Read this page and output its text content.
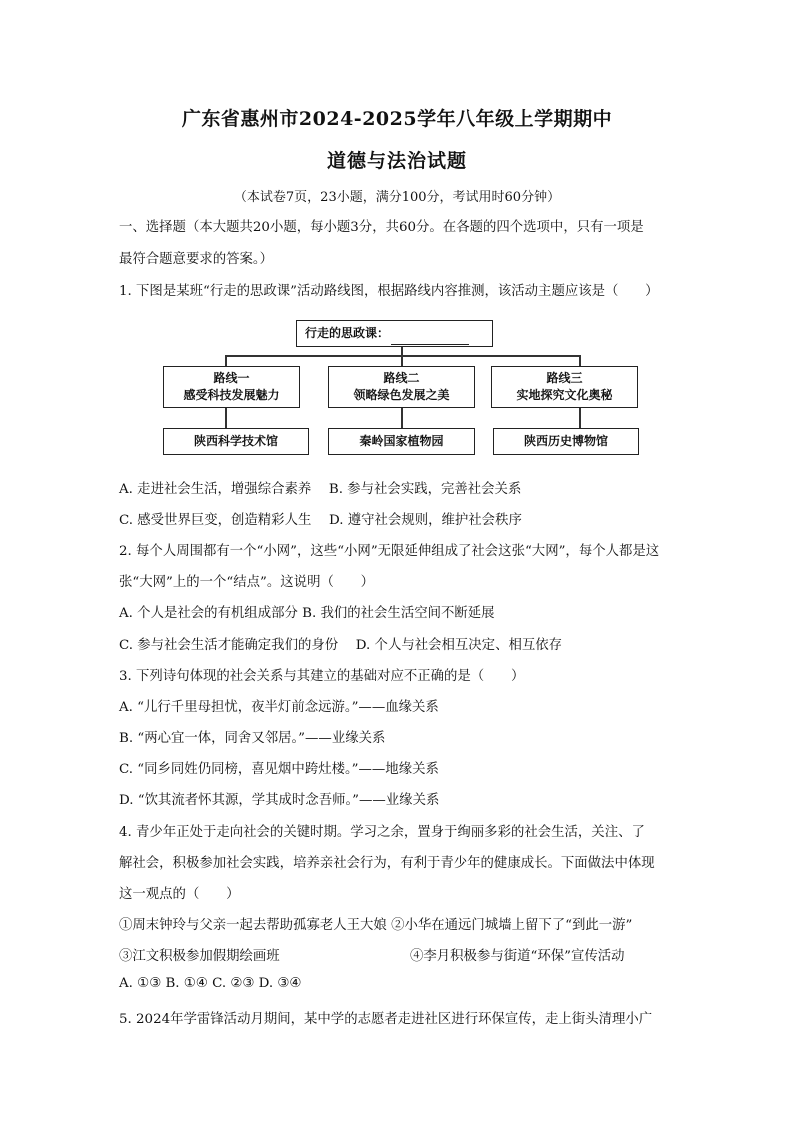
广东省惠州市2024-2025学年八年级上学期期中
道德与法治试题
（本试卷7页，23小题，满分100分，考试用时60分钟）
一、选择题（本大题共20小题，每小题3分，共60分。在各题的四个选项中，只有一项是
最符合题意要求的答案。）
1. 下图是某班“行走的思政课”活动路线图，根据路线内容推测，该活动主题应该是（　　）
行走的思政课：
路线一
感受科技发展魅力
路线二
领略绿色发展之美
路线三
实地探究文化奥秘
陕西科学技术馆	秦岭国家植物园	陕西历史博物馆
A. 走进社会生活，增强综合素养　 B. 参与社会实践，完善社会关系
C. 感受世界巨变，创造精彩人生　 D. 遵守社会规则，维护社会秩序
2. 每个人周围都有一个“小网”，这些“小网”无限延伸组成了社会这张“大网”，每个人都是这
张“大网”上的一个“结点”。这说明（　　）
A. 个人是社会的有机组成部分 B. 我们的社会生活空间不断延展
C. 参与社会生活才能确定我们的身份　 D. 个人与社会相互决定、相互依存
3. 下列诗句体现的社会关系与其建立的基础对应不正确的是（　　）
A. “儿行千里母担忧，夜半灯前念远游。”——血缘关系
B. “两心宜一体，同舍又邻居。”——业缘关系
C. “同乡同姓仍同榜，喜见烟中跨灶楼。”——地缘关系
D. “饮其流者怀其源，学其成时念吾师。”——业缘关系
4. 青少年正处于走向社会的关键时期。学习之余，置身于绚丽多彩的社会生活，关注、了
解社会，积极参加社会实践，培养亲社会行为，有利于青少年的健康成长。下面做法中体现
这一观点的（　　）
①周末钟玲与父亲一起去帮助孤寡老人王大娘 ②小华在通远门城墙上留下了“到此一游”
③江文积极参加假期绘画班	④李月积极参与街道“环保”宣传活动
A. ①③ B. ①④ C. ②③ D. ③④
5. 2024年学雷锋活动月期间，某中学的志愿者走进社区进行环保宣传，走上街头清理小广
